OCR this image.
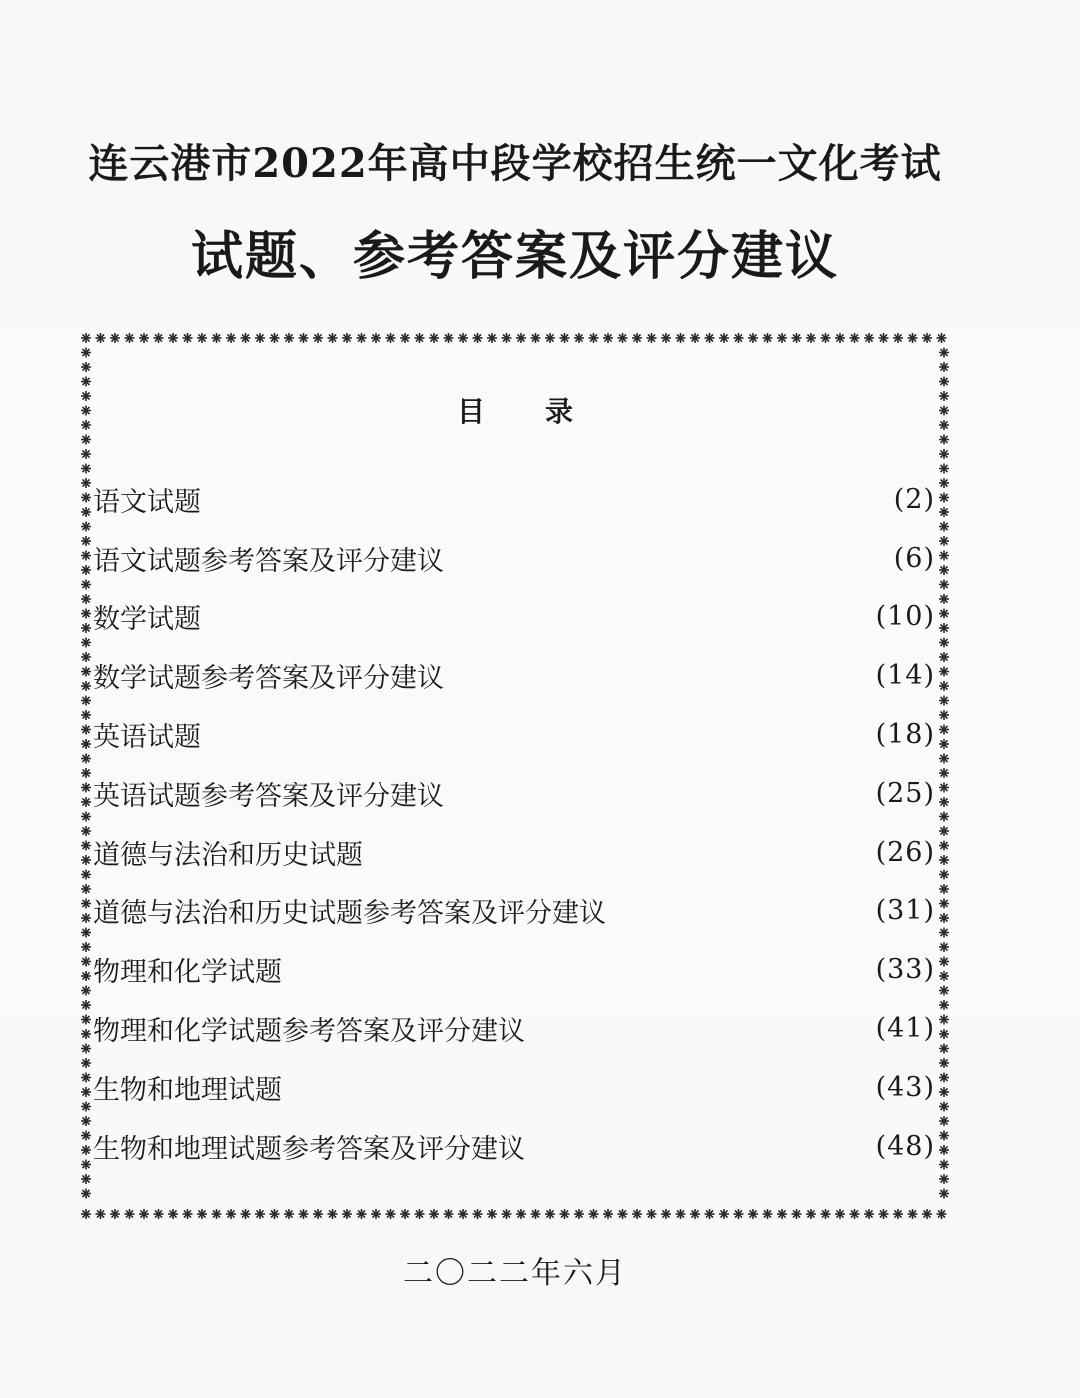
连云港市2022年高中段学校招生统一文化考试
试题、参考答案及评分建议
目录
语文试题	(2)
语文试题参考答案及评分建议	(6)
数学试题	(10)
数学试题参考答案及评分建议	(14)
英语试题	(18)
英语试题参考答案及评分建议	(25)
道德与法治和历史试题	(26)
道德与法治和历史试题参考答案及评分建议	(31)
物理和化学试题	(33)
物理和化学试题参考答案及评分建议	(41)
生物和地理试题	(43)
生物和地理试题参考答案及评分建议	(48)
二〇二二年六月
